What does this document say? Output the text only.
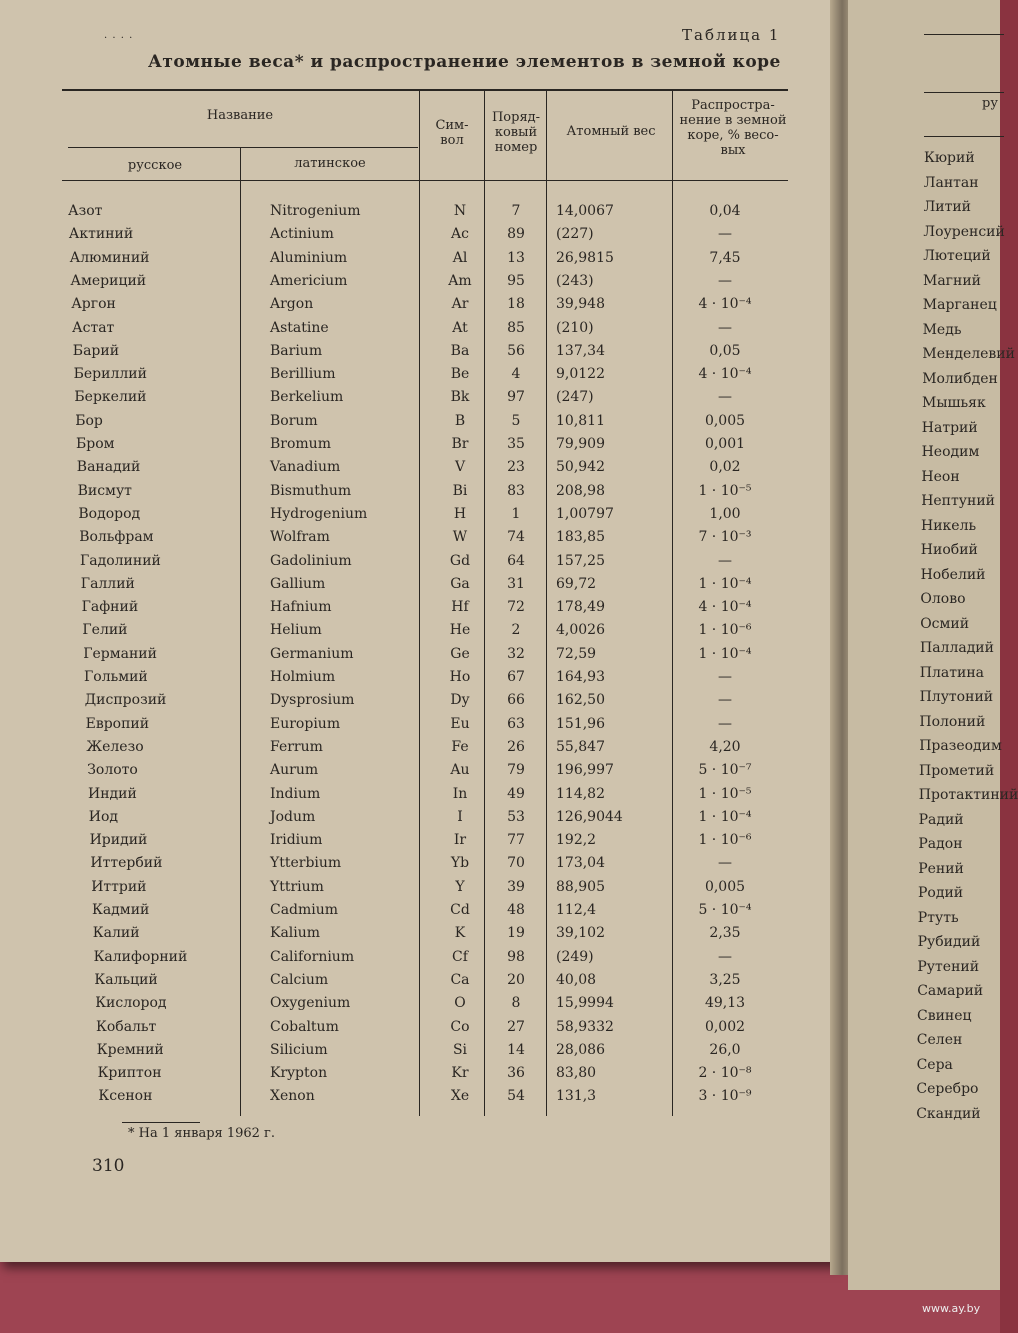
. . . .	Таблица 1
Атомные веса* и распространение элементов в земной коре
Название
русское	латинское
Сим-
вол
Поряд-
ковый
номер
Атомный вес
Распростра-
нение в земной
коре, % весо-
вых
Азот	Nitrogenium	N	7	14,0067	0,04
Актиний	Actinium	Ac	89	(227)	—
Алюминий	Aluminium	Al	13	26,9815	7,45
Америций	Americium	Am	95	(243)	—
Аргон	Argon	Ar	18	39,948	4 · 10⁻⁴
Астат	Astatine	At	85	(210)	—
Барий	Barium	Ba	56	137,34	0,05
Бериллий	Berillium	Be	4	9,0122	4 · 10⁻⁴
Беркелий	Berkelium	Bk	97	(247)	—
Бор	Borum	B	5	10,811	0,005
Бром	Bromum	Br	35	79,909	0,001
Ванадий	Vanadium	V	23	50,942	0,02
Висмут	Bismuthum	Bi	83	208,98	1 · 10⁻⁵
Водород	Hydrogenium	H	1	1,00797	1,00
Вольфрам	Wolfram	W	74	183,85	7 · 10⁻³
Гадолиний	Gadolinium	Gd	64	157,25	—
Галлий	Gallium	Ga	31	69,72	1 · 10⁻⁴
Гафний	Hafnium	Hf	72	178,49	4 · 10⁻⁴
Гелий	Helium	He	2	4,0026	1 · 10⁻⁶
Германий	Germanium	Ge	32	72,59	1 · 10⁻⁴
Гольмий	Holmium	Ho	67	164,93	—
Диспрозий	Dysprosium	Dy	66	162,50	—
Европий	Europium	Eu	63	151,96	—
Железо	Ferrum	Fe	26	55,847	4,20
Золото	Aurum	Au	79	196,997	5 · 10⁻⁷
Индий	Indium	In	49	114,82	1 · 10⁻⁵
Иод	Jodum	I	53	126,9044	1 · 10⁻⁴
Иридий	Iridium	Ir	77	192,2	1 · 10⁻⁶
Иттербий	Ytterbium	Yb	70	173,04	—
Иттрий	Yttrium	Y	39	88,905	0,005
Кадмий	Cadmium	Cd	48	112,4	5 · 10⁻⁴
Калий	Kalium	K	19	39,102	2,35
Калифорний	Californium	Cf	98	(249)	—
Кальций	Calcium	Ca	20	40,08	3,25
Кислород	Oxygenium	O	8	15,9994	49,13
Кобальт	Cobaltum	Co	27	58,9332	0,002
Кремний	Silicium	Si	14	28,086	26,0
Криптон	Krypton	Kr	36	83,80	2 · 10⁻⁸
Ксенон	Xenon	Xe	54	131,3	3 · 10⁻⁹
* На 1 января 1962 г.
310
ру
Кюрий
Лантан
Литий
Лоуренсий
Лютеций
Магний
Марганец
Медь
Менделевий
Молибден
Мышьяк
Натрий
Неодим
Неон
Нептуний
Никель
Ниобий
Нобелий
Олово
Осмий
Палладий
Платина
Плутоний
Полоний
Празеодим
Прометий
Протактиний
Радий
Радон
Рений
Родий
Ртуть
Рубидий
Рутений
Самарий
Свинец
Селен
Сера
Серебро
Скандий
www.ay.by
